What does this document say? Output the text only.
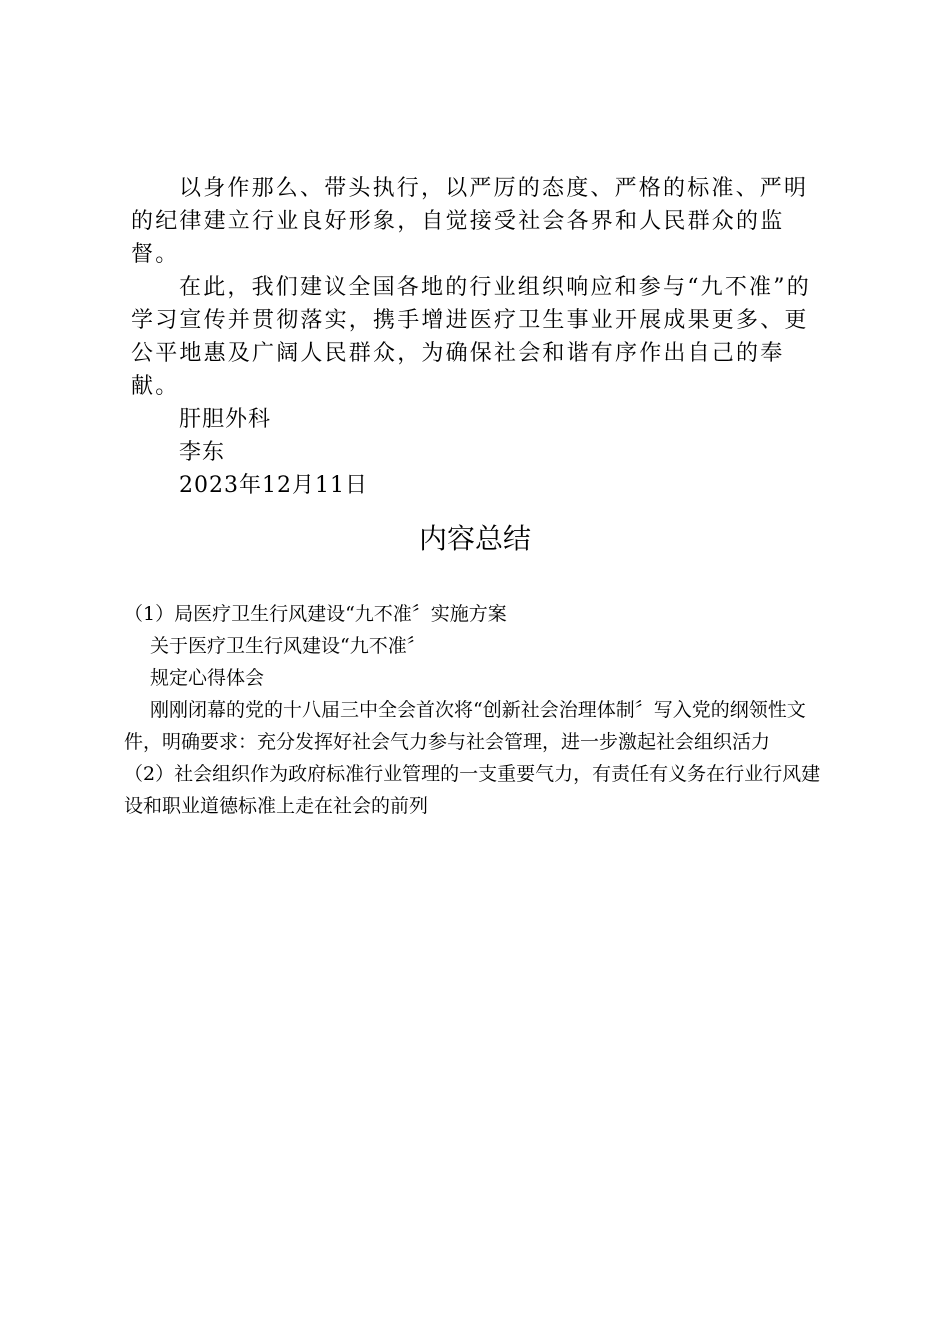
以身作那么、带头执行，以严厉的态度、严格的标准、严明的纪律建立行业良好形象，自觉接受社会各界和人民群众的监督。

在此，我们建议全国各地的行业组织响应和参与“九不准”的学习宣传并贯彻落实，携手增进医疗卫生事业开展成果更多、更公平地惠及广阔人民群众，为确保社会和谐有序作出自己的奉献。

肝胆外科

李东

2023年12月11日

内容总结

（1）局医疗卫生行风建设“九不准〞实施方案

关于医疗卫生行风建设“九不准〞

规定心得体会

刚刚闭幕的党的十八届三中全会首次将“创新社会治理体制〞写入党的纲领性文件，明确要求：充分发挥好社会气力参与社会管理，进一步激起社会组织活力

（2）社会组织作为政府标准行业管理的一支重要气力，有责任有义务在行业行风建设和职业道德标准上走在社会的前列
